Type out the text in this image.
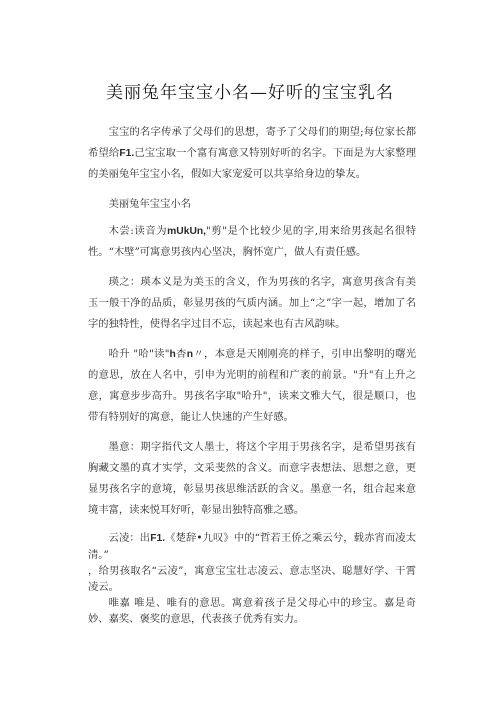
美丽兔年宝宝小名—好听的宝宝乳名

宝宝的名字传承了父母们的思想，寄予了父母们的期望;每位家长都希望给F1.己宝宝取一个富有寓意又特别好听的名字。下面是为大家整理的美丽兔年宝宝小名，假如大家宠爱可以共享给身边的挚友。

美丽兔年宝宝小名

木尝:读音为mUkUn,"剪"是个比较少见的字,用来给男孩起名很特性。“木壁”可寓意男孩内心坚决，胸怀宽广，做人有责任感。

瑛之：瑛本义是为美玉的含义，作为男孩的名字，寓意男孩含有美玉一般干净的品质，彰显男孩的气质内涵。加上“之”字一起，增加了名字的独特性，使得名字过目不忘，读起来也有古风韵味。

哈升 "哈"读"h杏n〃，本意是天刚刚亮的样子，引申出黎明的曙光的意思，放在人名中，引申为光明的前程和广袤的前景。"升"有上升之意，寓意步步高升。男孩名字取"哈升"，读来文雅大气，很是顺口，也带有特别好的寓意，能让人快速的产生好感。

墨意：期字指代文人墨士，将这个字用于男孩名字，是希望男孩有胸藏文墨的真才实学，文采斐然的含义。而意字表想法、思想之意，更显男孩名字的意境，彰显男孩思维活跃的含义。墨意一名，组合起来意境丰富，读来悦耳好听，彰显出独特高雅之感。

云凌：出F1.《楚辞•九叹》中的“哲若王侨之乘云兮，载赤宵而凌太清。”

，给男孩取名“云凌”，寓意宝宝壮志凌云、意志坚决、聪慧好学、干霄凌云。

唯嘉 唯是、唯有的意思。寓意着孩子是父母心中的珍宝。嘉是奇妙、嘉奖、褒奖的意思，代表孩子优秀有实力。
